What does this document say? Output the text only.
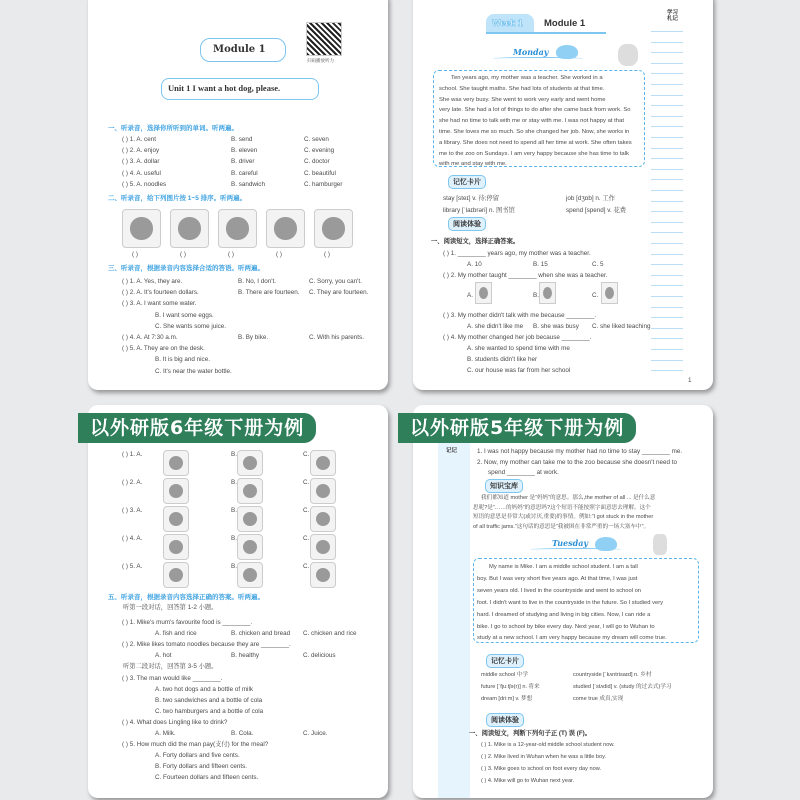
Module 1
扫码播放听力
Unit 1 I want a hot dog, please.
一、听录音，选择你所听到的单词。听两遍。
( ) 1. A. cent	B. send	C. seven
( ) 2. A. enjoy	B. eleven	C. evening
( ) 3. A. dollar	B. driver	C. doctor
( ) 4. A. useful	B. careful	C. beautiful
( ) 5. A. noodles	B. sandwich	C. hamburger
二、听录音，给下列图片按 1~5 排序。听两遍。
( )	( )	( )	( )	( )
三、听录音，根据录音内容选择合适的答语。听两遍。
( ) 1. A. Yes, they are.	B. No, I don't.	C. Sorry, you can't.
( ) 2. A. It's fourteen dollars.	B. There are fourteen. C. They are fourteen.
( ) 3. A. I want some water.
B. I want some eggs.
C. She wants some juice.
( ) 4. A. At 7:30 a.m.	B. By bike.	C. With his parents.
( ) 5. A. They are on the desk.
B. It is big and nice.
C. It's near the water bottle.
Week 1 Module 1
Monday
Ten years ago, my mother was a teacher. She worked in a
school. She taught maths. She had lots of students at that time.
She was very busy. She went to work very early and went home
very late. She had a lot of things to do after she came back from work. So
she had no time to talk with me or stay with me. I was not happy at that
time. She loves me so much. So she changed her job. Now, she works in
a library. She does not need to spend all her time at work. She often takes
me to the zoo on Sundays. I am very happy because she has time to talk
with me and stay with me.
学习札记
记忆卡片
stay [steɪ] v. 待;停留	job [dʒɒb] n. 工作
library [ˈlaɪbrəri] n. 图书馆	spend [spend] v. 花费
阅读体验
一、阅读短文，选择正确答案。
( ) 1. ________ years ago, my mother was a teacher.
A. 10	B. 15	C. 5
( ) 2. My mother taught ________ when she was a teacher.
A.	B.	C.
( ) 3. My mother didn't talk with me because ________.
A. she didn't like me B. she was busy C. she liked teaching
( ) 4. My mother changed her job because ________.
A. she wanted to spend time with me
B. students didn't like her
C. our house was far from her school
1
( ) 1. A.	B.	C.
( ) 2. A.	B.	C.
( ) 3. A.	B.	C.
( ) 4. A.	B.	C.
( ) 5. A.	B.	C.
五、听录音，根据录音内容选择正确的答案。听两遍。
听第一段对话，回答第 1-2 小题。
( ) 1. Mike's mum's favourite food is ________.
A. fish and rice	B. chicken and bread C. chicken and rice
( ) 2. Mike likes tomato noodles because they are ________.
A. hot	B. healthy	C. delicious
听第二段对话，回答第 3-5 小题。
( ) 3. The man would like ________.
A. two hot dogs and a bottle of milk
B. two sandwiches and a bottle of cola
C. two hamburgers and a bottle of cola
( ) 4. What does Lingling like to drink?
A. Milk.	B. Cola.	C. Juice.
( ) 5. How much did the man pay(支付) for the meal?
A. Forty dollars and five cents.
B. Forty dollars and fifteen cents.
C. Fourteen dollars and fifteen cents.
记记	1. I was not happy because my mother had no time to stay ________ me.
2. Now, my mother can take me to the zoo because she doesn't need to
spend ________ at work.
知识宝库
我们都知道 mother 是“妈妈”的意思。那么,the mother of all ... 是什么意
思呢?是“……的妈妈”的意思吗?这个短语不能按照字面意思去理解。这个
短语的意思是非常大(或讨厌,重要)的事情。例如:“I got stuck in the mother
of all traffic jams.”这句话的意思是“我被困在非常严重的一场大塞车中”。
Tuesday
My name is Mike. I am a middle school student. I am a tall
boy. But I was very short five years ago. At that time, I was just
seven years old. I lived in the countryside and went to school on
foot. I didn't want to live in the countryside in the future. So I studied very
hard. I dreamed of studying and living in big cities. Now, I can ride a
bike. I go to school by bike every day. Next year, I will go to Wuhan to
study at a new school. I am very happy because my dream will come true.
记忆卡片
middle school 中学	countryside [ˈkʌntrisaɪd] n. 乡村
future [ˈfjuːtʃə(r)] n. 将来	studied [ˈstʌdid] v. (study 的过去式)学习
dream [driːm] v. 梦想	come true 成真,实现
阅读体验
一、阅读短文，判断下列句子正 (T) 误 (F)。
( ) 1. Mike is a 12-year-old middle school student now.
( ) 2. Mike lived in Wuhan when he was a little boy.
( ) 3. Mike goes to school on foot every day now.
( ) 4. Mike will go to Wuhan next year.
以外研版6年级下册为例	以外研版5年级下册为例
